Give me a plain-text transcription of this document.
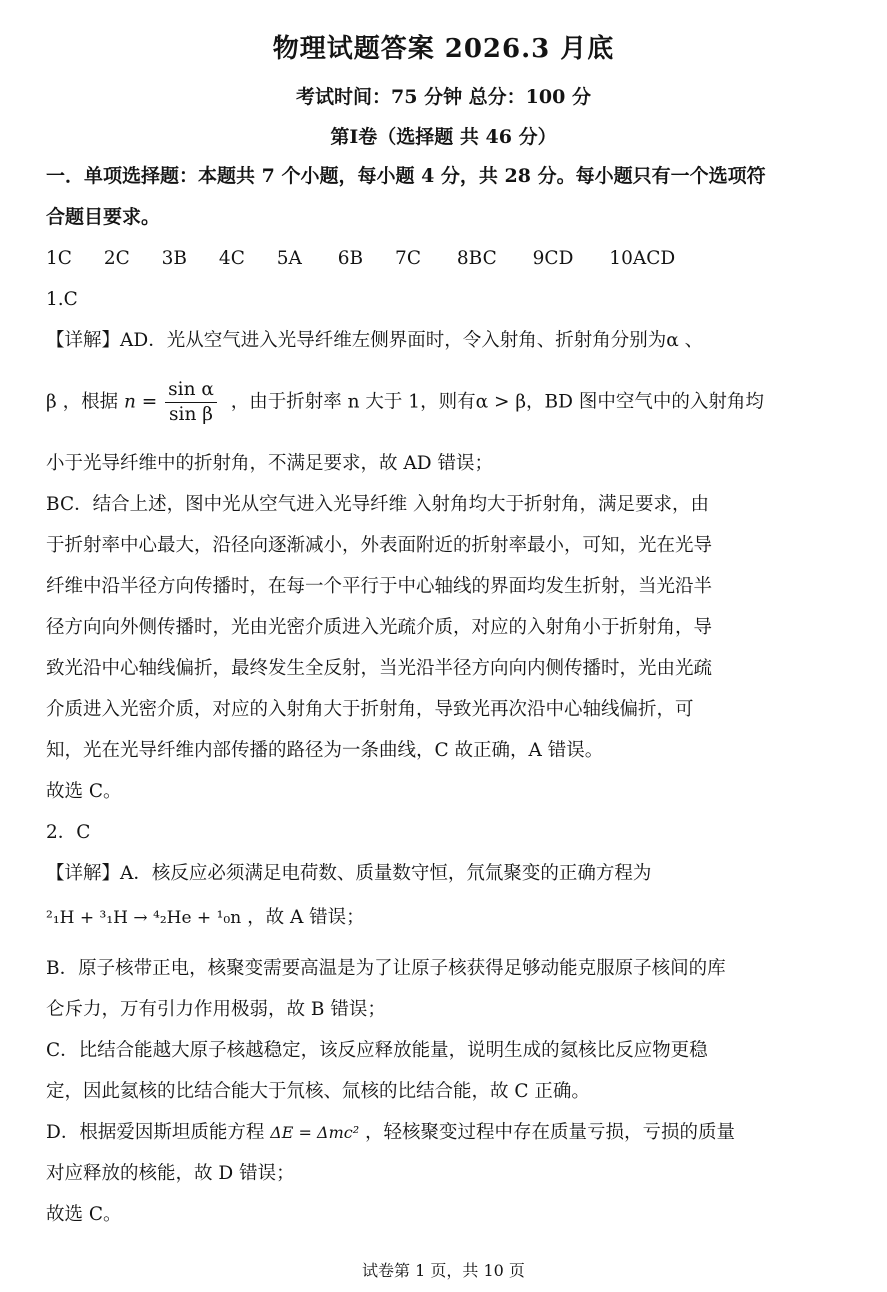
物理试题答案 2026.3 月底
考试时间：75 分钟 总分：100 分
第I卷（选择题 共 46 分）
一．单项选择题：本题共 7 个小题，每小题 4 分，共 28 分。每小题只有一个选项符
合题目要求。
1C 2C 3B 4C 5A 6B 7C 8BC 9CD 10ACD
1.C
【详解】AD．光从空气进入光导纤维左侧界面时，令入射角、折射角分别为α 、
β ，根据 $n = \frac{\text{sin α}}{\text{sin β}}$ ，由于折射率 n 大于 1，则有α > β，BD 图中空气中的入射角均
小于光导纤维中的折射角，不满足要求，故 AD 错误；
BC．结合上述，图中光从空气进入光导纤维 入射角均大于折射角，满足要求，由
于折射率中心最大，沿径向逐渐减小，外表面附近的折射率最小，可知，光在光导
纤维中沿半径方向传播时，在每一个平行于中心轴线的界面均发生折射，当光沿半
径方向向外侧传播时，光由光密介质进入光疏介质，对应的入射角小于折射角，导
致光沿中心轴线偏折，最终发生全反射，当光沿半径方向向内侧传播时，光由光疏
介质进入光密介质，对应的入射角大于折射角，导致光再次沿中心轴线偏折，可
知，光在光导纤维内部传播的路径为一条曲线，C 故正确，A 错误。
故选 C。
2．C
【详解】A．核反应必须满足电荷数、质量数守恒，氘氚聚变的正确方程为
²₁H + ³₁H → ⁴₂He + ¹₀n ，故 A 错误；
B．原子核带正电，核聚变需要高温是为了让原子核获得足够动能克服原子核间的库
仑斥力，万有引力作用极弱，故 B 错误；
C．比结合能越大原子核越稳定，该反应释放能量，说明生成的氦核比反应物更稳
定，因此氦核的比结合能大于氘核、氚核的比结合能，故 C 正确。
D．根据爱因斯坦质能方程 ΔE = Δmc² ，轻核聚变过程中存在质量亏损，亏损的质量
对应释放的核能，故 D 错误；
故选 C。
试卷第 1 页，共 10 页
